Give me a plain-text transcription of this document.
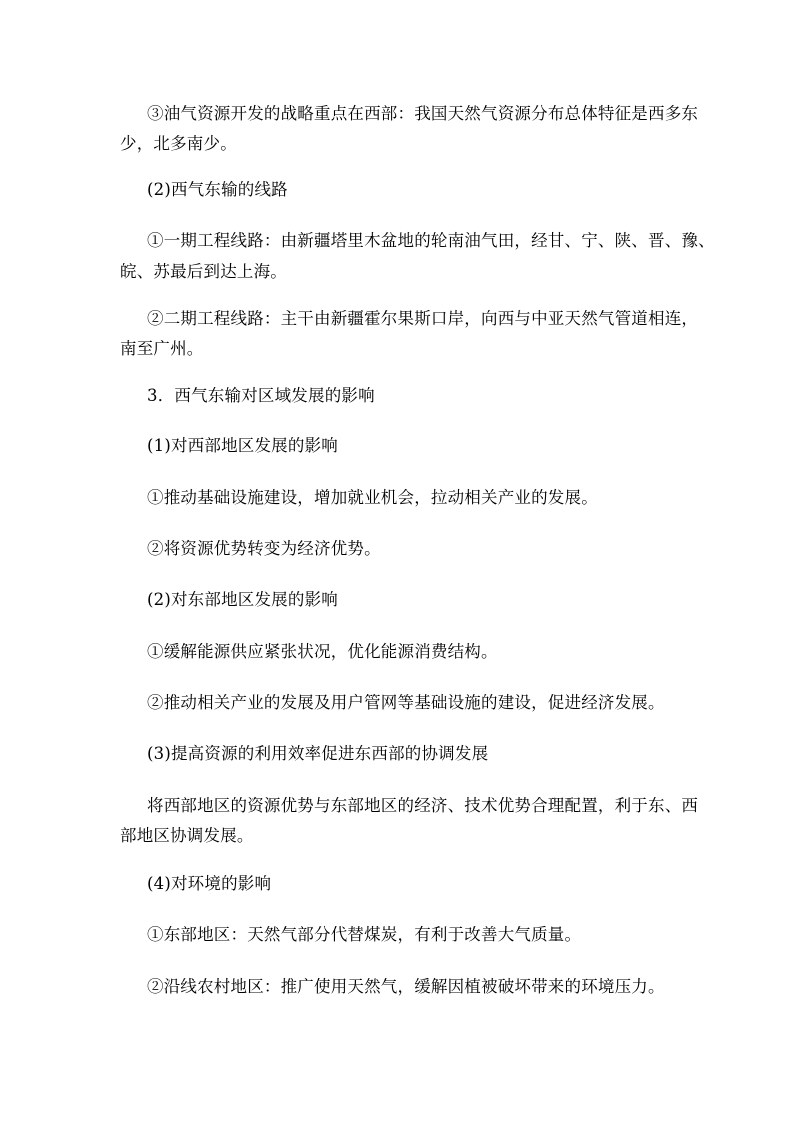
③油气资源开发的战略重点在西部：我国天然气资源分布总体特征是西多东
少，北多南少。
(2)西气东输的线路
①一期工程线路：由新疆塔里木盆地的轮南油气田，经甘、宁、陕、晋、豫、
皖、苏最后到达上海。
②二期工程线路：主干由新疆霍尔果斯口岸，向西与中亚天然气管道相连，
南至广州。
3．西气东输对区域发展的影响
(1)对西部地区发展的影响
①推动基础设施建设，增加就业机会，拉动相关产业的发展。
②将资源优势转变为经济优势。
(2)对东部地区发展的影响
①缓解能源供应紧张状况，优化能源消费结构。
②推动相关产业的发展及用户管网等基础设施的建设，促进经济发展。
(3)提高资源的利用效率促进东西部的协调发展
将西部地区的资源优势与东部地区的经济、技术优势合理配置，利于东、西
部地区协调发展。
(4)对环境的影响
①东部地区：天然气部分代替煤炭，有利于改善大气质量。
②沿线农村地区：推广使用天然气，缓解因植被破坏带来的环境压力。
